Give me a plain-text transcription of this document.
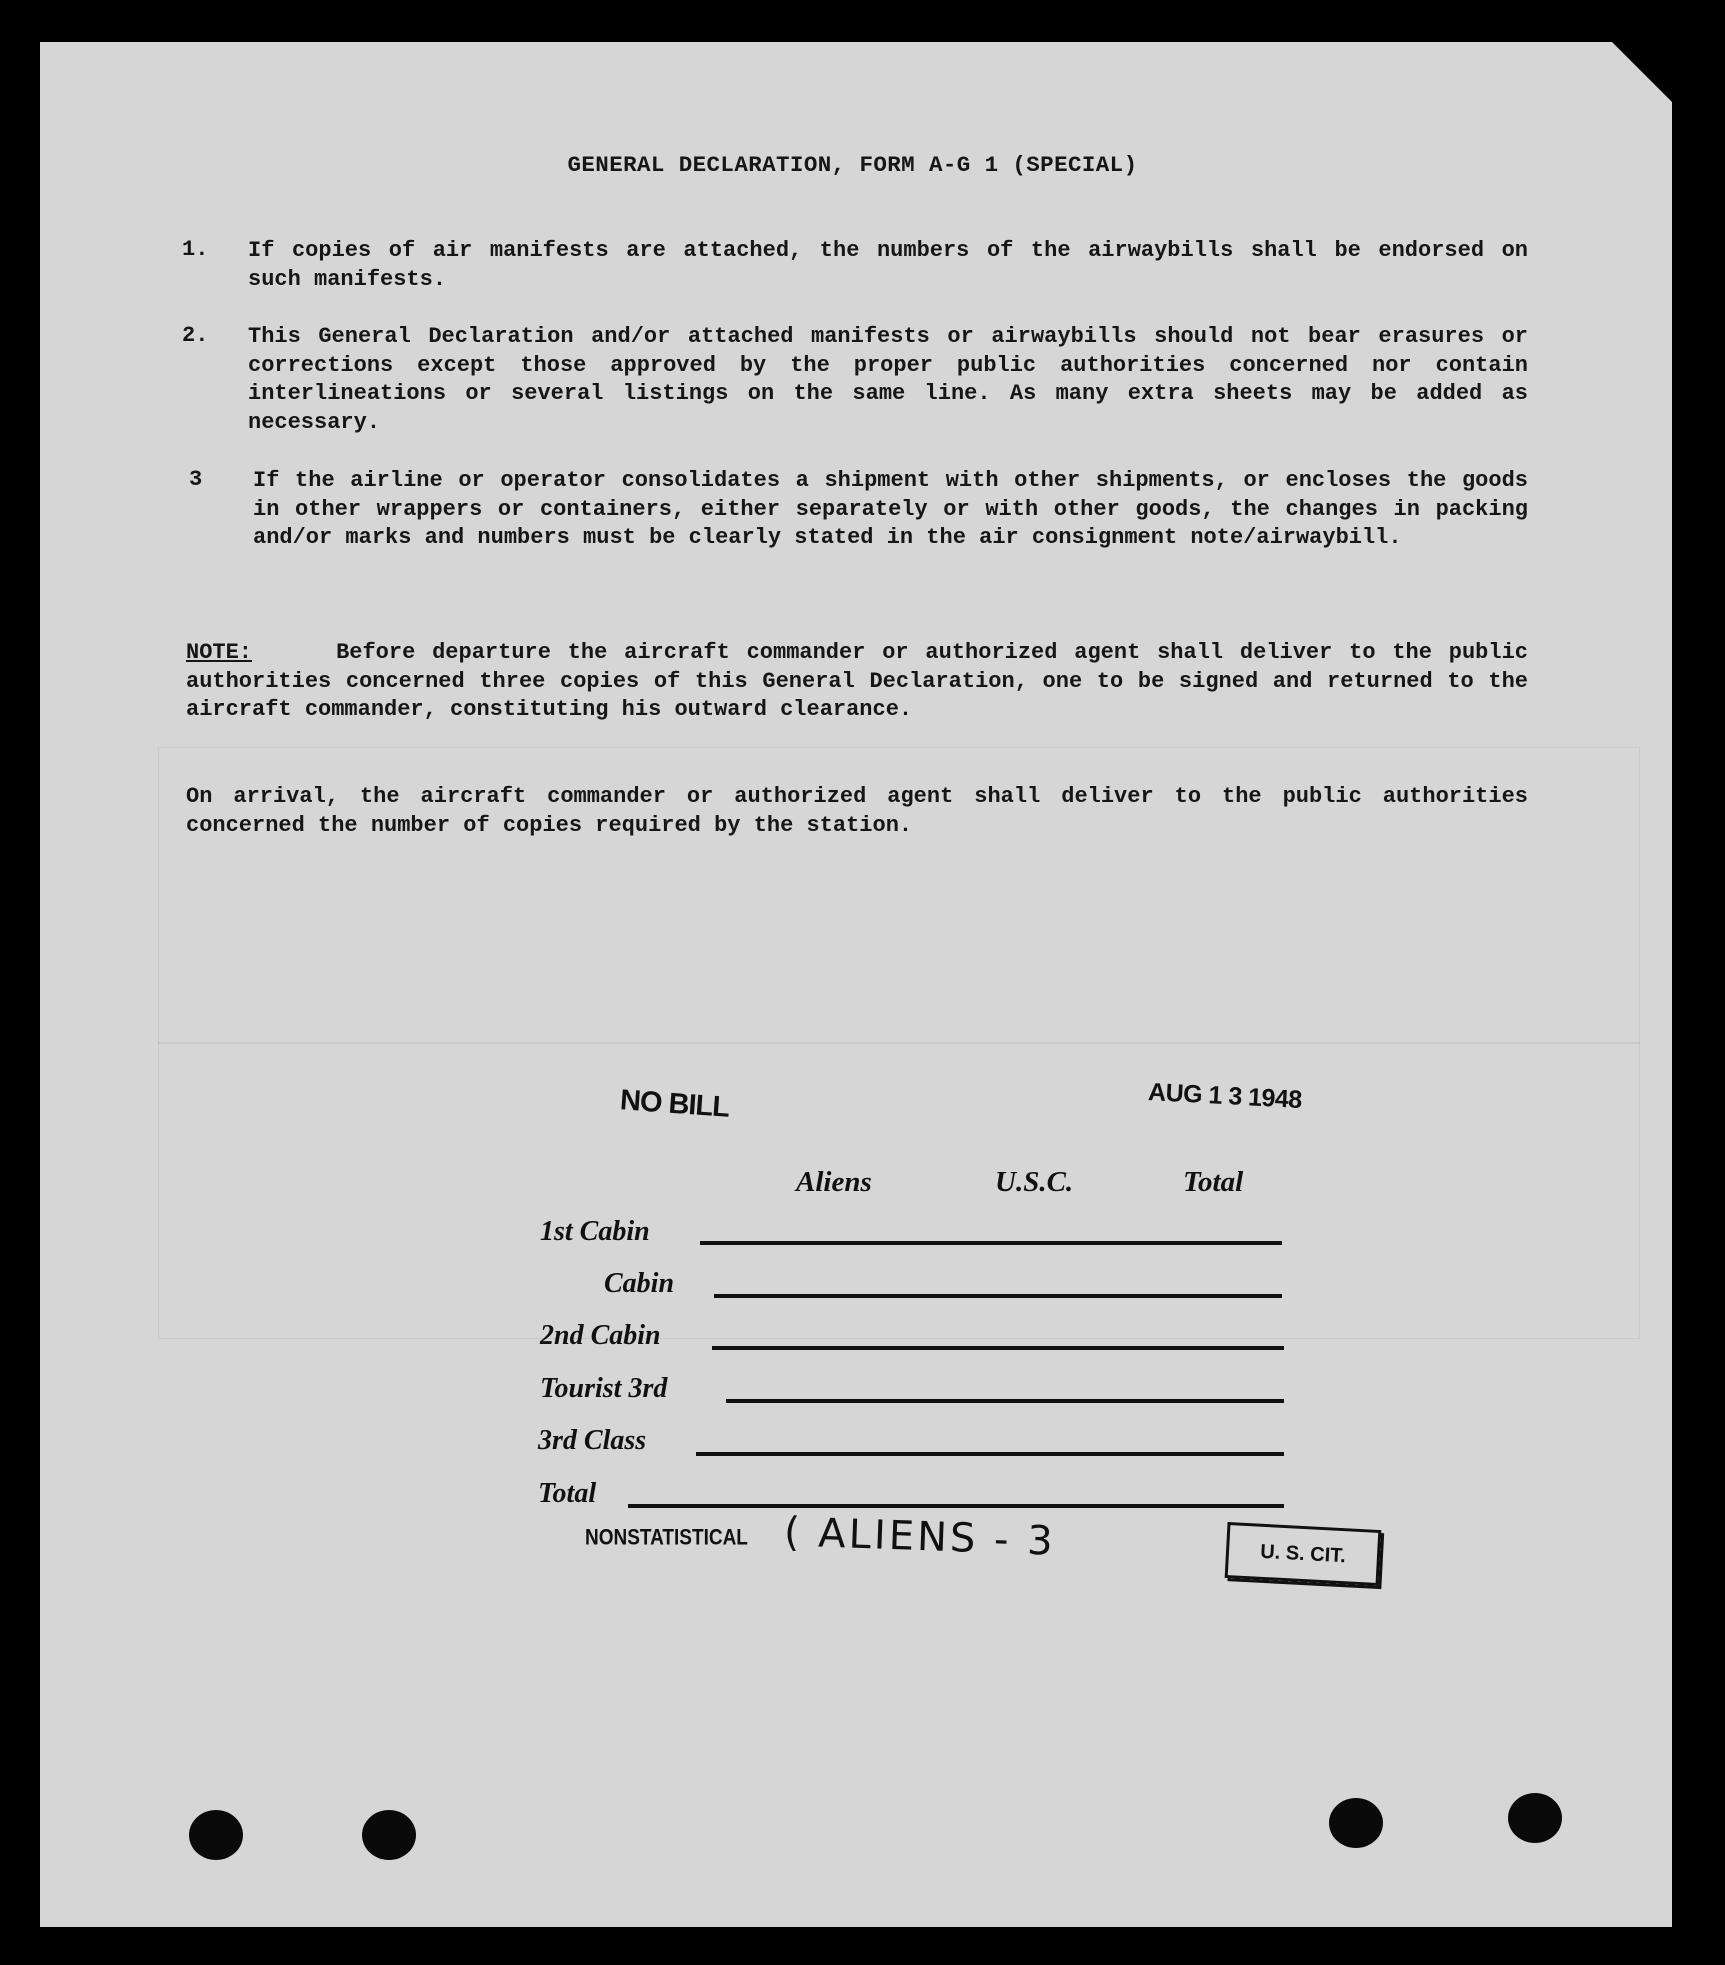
GENERAL DECLARATION, FORM A-G 1 (SPECIAL)
1. If copies of air manifests are attached, the numbers of the airwaybills shall be endorsed on such manifests.
2. This General Declaration and/or attached manifests or airwaybills should not bear erasures or corrections except those approved by the proper public authorities concerned nor contain interlineations or several listings on the same line. As many extra sheets may be added as necessary.
3 If the airline or operator consolidates a shipment with other shipments, or encloses the goods in other wrappers or containers, either separately or with other goods, the changes in packing and/or marks and numbers must be clearly stated in the air consignment note/airwaybill.
NOTE:	Before departure the aircraft commander or authorized agent shall deliver to the public authorities concerned three copies of this General Declaration, one to be signed and returned to the aircraft commander, constituting his outward clearance.
On arrival, the aircraft commander or authorized agent shall deliver to the public authorities concerned the number of copies required by the station.
NO BILL	AUG 1 3 1948
Aliens	U.S.C.	Total
1st Cabin
Cabin
2nd Cabin
Tourist 3rd
3rd Class
Total
NONSTATISTICAL ( ALIENS - 3	U. S. CIT.
